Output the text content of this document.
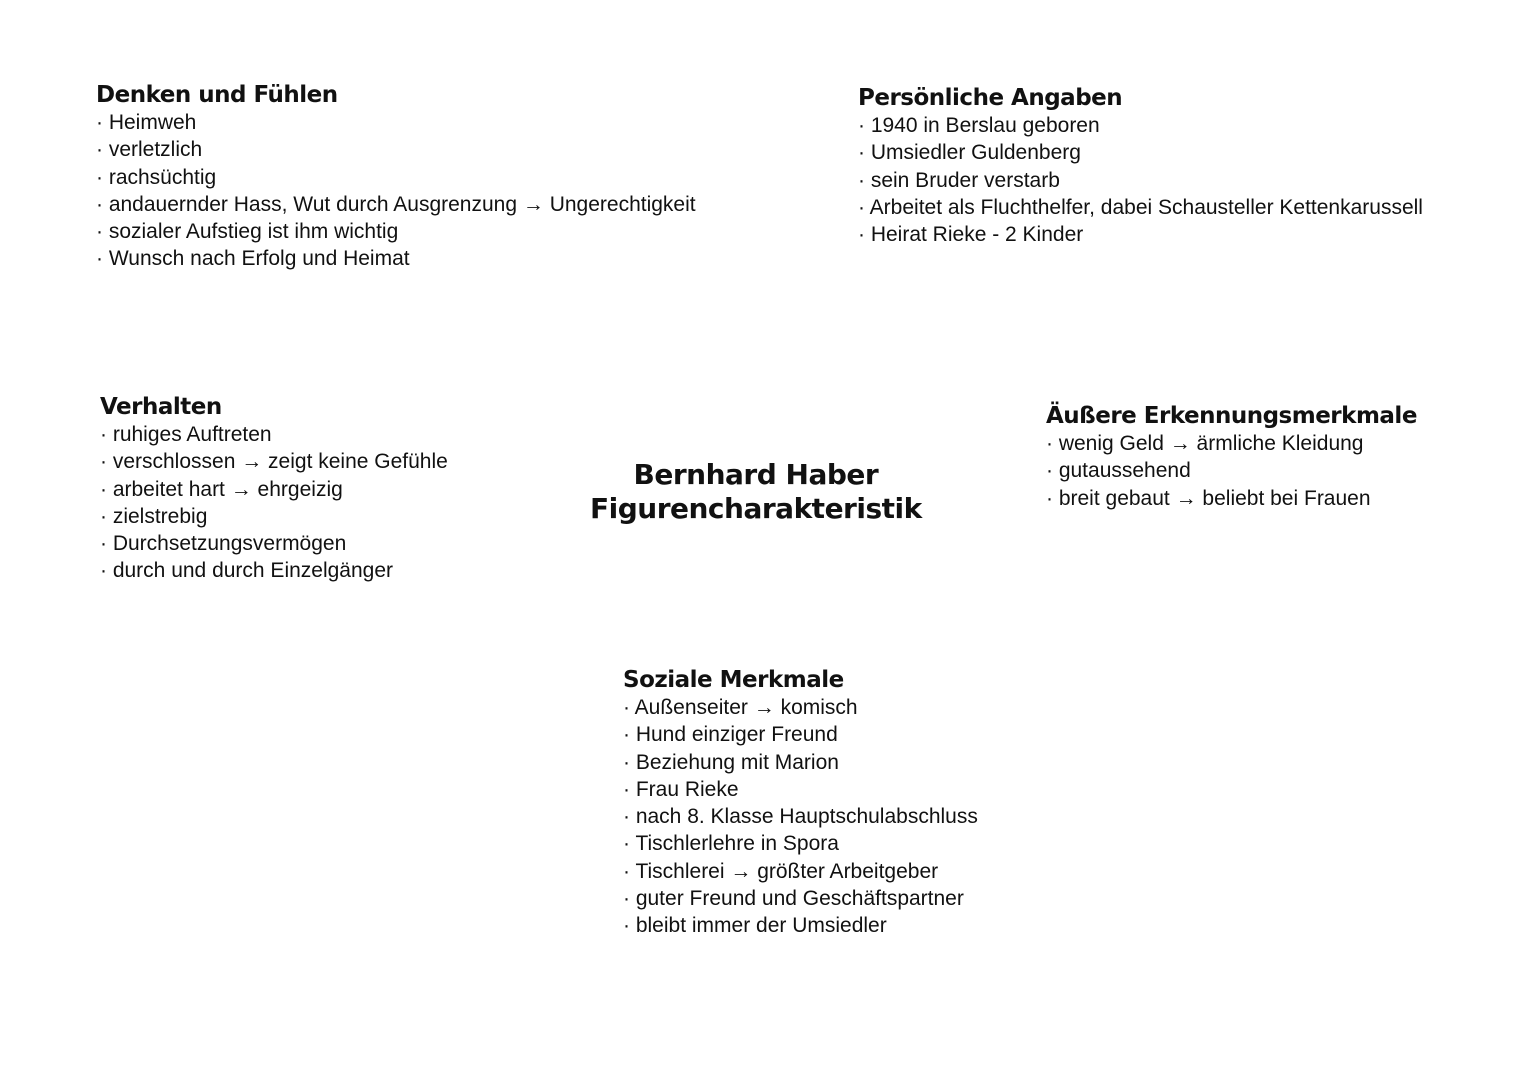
Bernhard Haber
Figurencharakteristik
Denken und Fühlen
· Heimweh
· verletzlich
· rachsüchtig
· andauernder Hass, Wut durch Ausgrenzung → Ungerechtigkeit
· sozialer Aufstieg ist ihm wichtig
· Wunsch nach Erfolg und Heimat
Persönliche Angaben
· 1940 in Berslau geboren
· Umsiedler Guldenberg
· sein Bruder verstarb
· Arbeitet als Fluchthelfer, dabei Schausteller Kettenkarussell
· Heirat Rieke - 2 Kinder
Verhalten
· ruhiges Auftreten
· verschlossen → zeigt keine Gefühle
· arbeitet hart → ehrgeizig
· zielstrebig
· Durchsetzungsvermögen
· durch und durch Einzelgänger
Äußere Erkennungsmerkmale
· wenig Geld → ärmliche Kleidung
· gutaussehend
· breit gebaut → beliebt bei Frauen
Soziale Merkmale
· Außenseiter → komisch
· Hund einziger Freund
· Beziehung mit Marion
· Frau Rieke
· nach 8. Klasse Hauptschulabschluss
· Tischlerlehre in Spora
· Tischlerei → größter Arbeitgeber
· guter Freund und Geschäftspartner
· bleibt immer der Umsiedler
